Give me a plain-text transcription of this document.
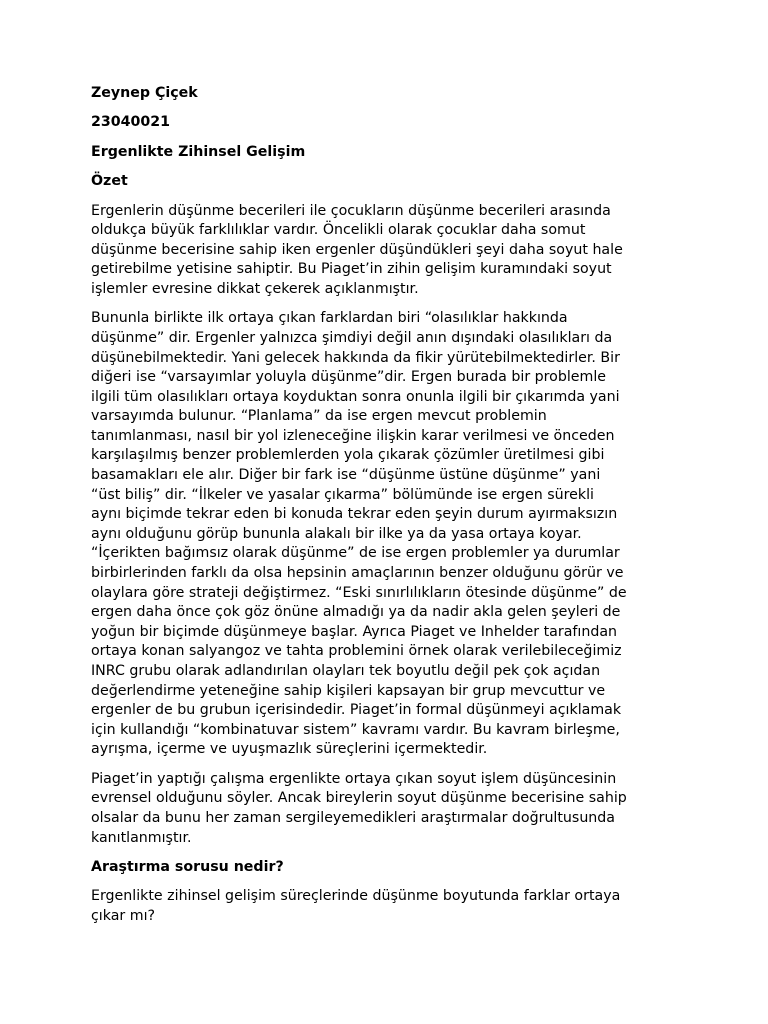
Zeynep Çiçek
23040021
Ergenlikte Zihinsel Gelişim
Özet
Ergenlerin düşünme becerileri ile çocukların düşünme becerileri arasında
oldukça büyük farklılıklar vardır. Öncelikli olarak çocuklar daha somut
düşünme becerisine sahip iken ergenler düşündükleri şeyi daha soyut hale
getirebilme yetisine sahiptir. Bu Piaget’in zihin gelişim kuramındaki soyut
işlemler evresine dikkat çekerek açıklanmıştır.
Bununla birlikte ilk ortaya çıkan farklardan biri “olasılıklar hakkında
düşünme” dir. Ergenler yalnızca şimdiyi değil anın dışındaki olasılıkları da
düşünebilmektedir. Yani gelecek hakkında da fikir yürütebilmektedirler. Bir
diğeri ise “varsayımlar yoluyla düşünme”dir. Ergen burada bir problemle
ilgili tüm olasılıkları ortaya koyduktan sonra onunla ilgili bir çıkarımda yani
varsayımda bulunur. “Planlama” da ise ergen mevcut problemin
tanımlanması, nasıl bir yol izleneceğine ilişkin karar verilmesi ve önceden
karşılaşılmış benzer problemlerden yola çıkarak çözümler üretilmesi gibi
basamakları ele alır. Diğer bir fark ise “düşünme üstüne düşünme” yani
“üst biliş” dir. “İlkeler ve yasalar çıkarma” bölümünde ise ergen sürekli
aynı biçimde tekrar eden bi konuda tekrar eden şeyin durum ayırmaksızın
aynı olduğunu görüp bununla alakalı bir ilke ya da yasa ortaya koyar.
“İçerikten bağımsız olarak düşünme” de ise ergen problemler ya durumlar
birbirlerinden farklı da olsa hepsinin amaçlarının benzer olduğunu görür ve
olaylara göre strateji değiştirmez. “Eski sınırlılıkların ötesinde düşünme” de
ergen daha önce çok göz önüne almadığı ya da nadir akla gelen şeyleri de
yoğun bir biçimde düşünmeye başlar. Ayrıca Piaget ve Inhelder tarafından
ortaya konan salyangoz ve tahta problemini örnek olarak verilebileceğimiz
INRC grubu olarak adlandırılan olayları tek boyutlu değil pek çok açıdan
değerlendirme yeteneğine sahip kişileri kapsayan bir grup mevcuttur ve
ergenler de bu grubun içerisindedir. Piaget’in formal düşünmeyi açıklamak
için kullandığı “kombinatuvar sistem” kavramı vardır. Bu kavram birleşme,
ayrışma, içerme ve uyuşmazlık süreçlerini içermektedir.
Piaget’in yaptığı çalışma ergenlikte ortaya çıkan soyut işlem düşüncesinin
evrensel olduğunu söyler. Ancak bireylerin soyut düşünme becerisine sahip
olsalar da bunu her zaman sergileyemedikleri araştırmalar doğrultusunda
kanıtlanmıştır.
Araştırma sorusu nedir?
Ergenlikte zihinsel gelişim süreçlerinde düşünme boyutunda farklar ortaya
çıkar mı?
